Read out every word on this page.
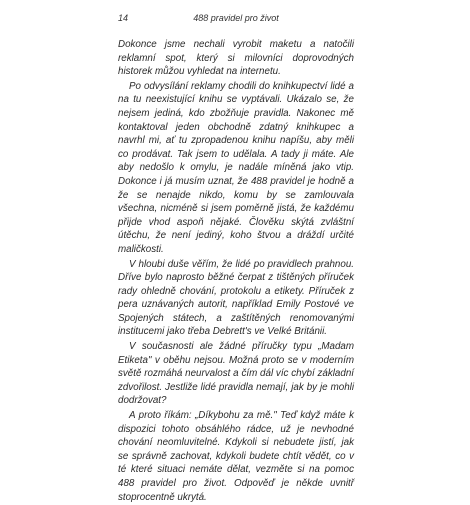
14	488 pravidel pro život

Dokonce jsme nechali vyrobit maketu a natočili reklamní spot, který si milovníci doprovodných historek můžou vyhledat na internetu.

Po odvysílání reklamy chodili do knihkupectví lidé a na tu neexistující knihu se vyptávali. Ukázalo se, že nejsem jediná, kdo zbožňuje pravidla. Nakonec mě kontaktoval jeden obchodně zdatný knihkupec a navrhl mi, ať tu zpropadenou knihu napíšu, aby měli co prodávat. Tak jsem to udělala. A tady ji máte. Ale aby nedošlo k omylu, je nadále míněná jako vtip. Dokonce i já musím uznat, že 488 pravidel je hodně a že se nenajde nikdo, komu by se zamlouvala všechna, nicméně si jsem poměrně jistá, že každému přijde vhod aspoň nějaké. Člověku skýtá zvláštní útěchu, že není jediný, koho štvou a dráždí určité maličkosti.

V hloubi duše věřím, že lidé po pravidlech prahnou. Dříve bylo naprosto běžné čerpat z tištěných příruček rady ohledně chování, protokolu a etikety. Příruček z pera uznávaných autorit, například Emily Postové ve Spojených státech, a zaštítěných renomovanými institucemi jako třeba Debrett's ve Velké Británii.

V současnosti ale žádné příručky typu „Madam Etiketa" v oběhu nejsou. Možná proto se v moderním světě rozmáhá neurvalost a čím dál víc chybí základní zdvořilost. Jestliže lidé pravidla nemají, jak by je mohli dodržovat?

A proto říkám: „Díkybohu za mě." Teď když máte k dispozici tohoto obsáhlého rádce, už je nevhodné chování neomluvitelné. Kdykoli si nebudete jistí, jak se správně zachovat, kdykoli budete chtít vědět, co v té které situaci nemáte dělat, vezměte si na pomoc 488 pravidel pro život. Odpověď je někde uvnitř stoprocentně ukrytá.
